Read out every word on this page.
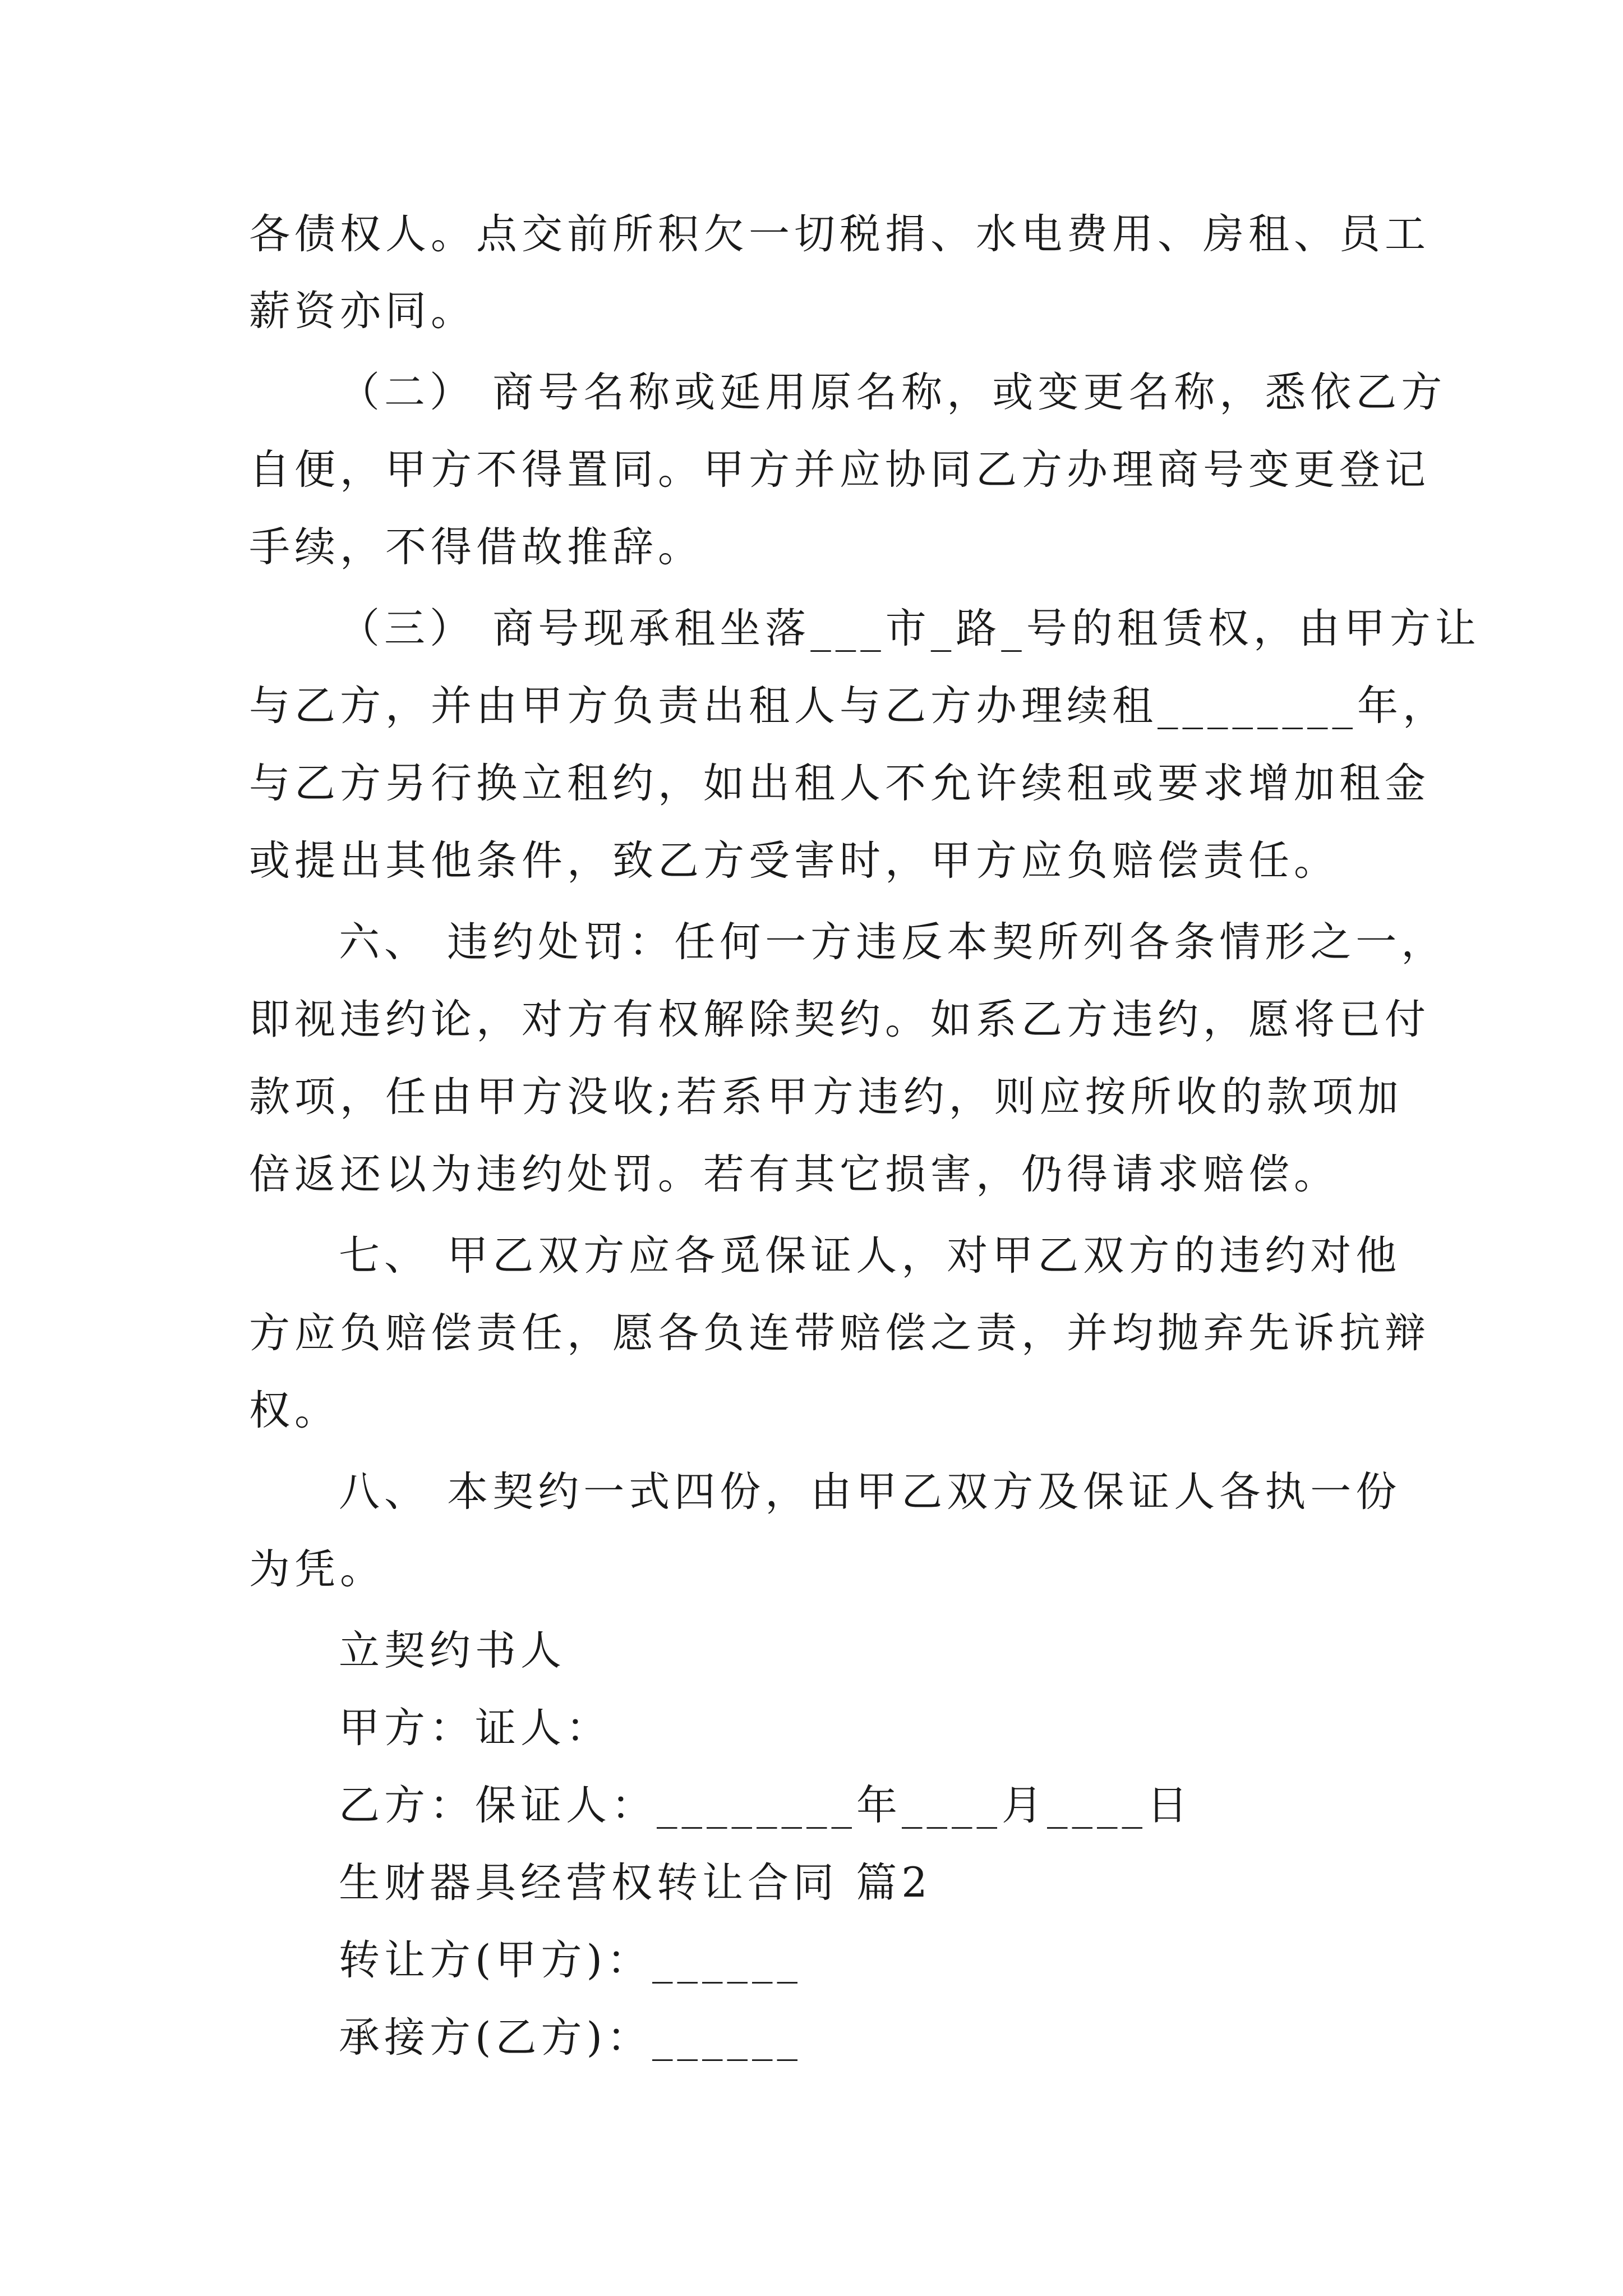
各债权人。点交前所积欠一切税捐、水电费用、房租、员工
薪资亦同。
（二） 商号名称或延用原名称，或变更名称，悉依乙方
自便，甲方不得置同。甲方并应协同乙方办理商号变更登记
手续，不得借故推辞。
（三） 商号现承租坐落___市_路_号的租赁权，由甲方让
与乙方，并由甲方负责出租人与乙方办理续租________年，
与乙方另行换立租约，如出租人不允许续租或要求增加租金
或提出其他条件，致乙方受害时，甲方应负赔偿责任。
六、 违约处罚：任何一方违反本契所列各条情形之一，
即视违约论，对方有权解除契约。如系乙方违约，愿将已付
款项，任由甲方没收;若系甲方违约，则应按所收的款项加
倍返还以为违约处罚。若有其它损害，仍得请求赔偿。
七、 甲乙双方应各觅保证人，对甲乙双方的违约对他
方应负赔偿责任，愿各负连带赔偿之责，并均抛弃先诉抗辩
权。
八、 本契约一式四份，由甲乙双方及保证人各执一份
为凭。
立契约书人
甲方：证人：
乙方：保证人：________年____月____日
生财器具经营权转让合同 篇2
转让方(甲方)：______
承接方(乙方)：______
